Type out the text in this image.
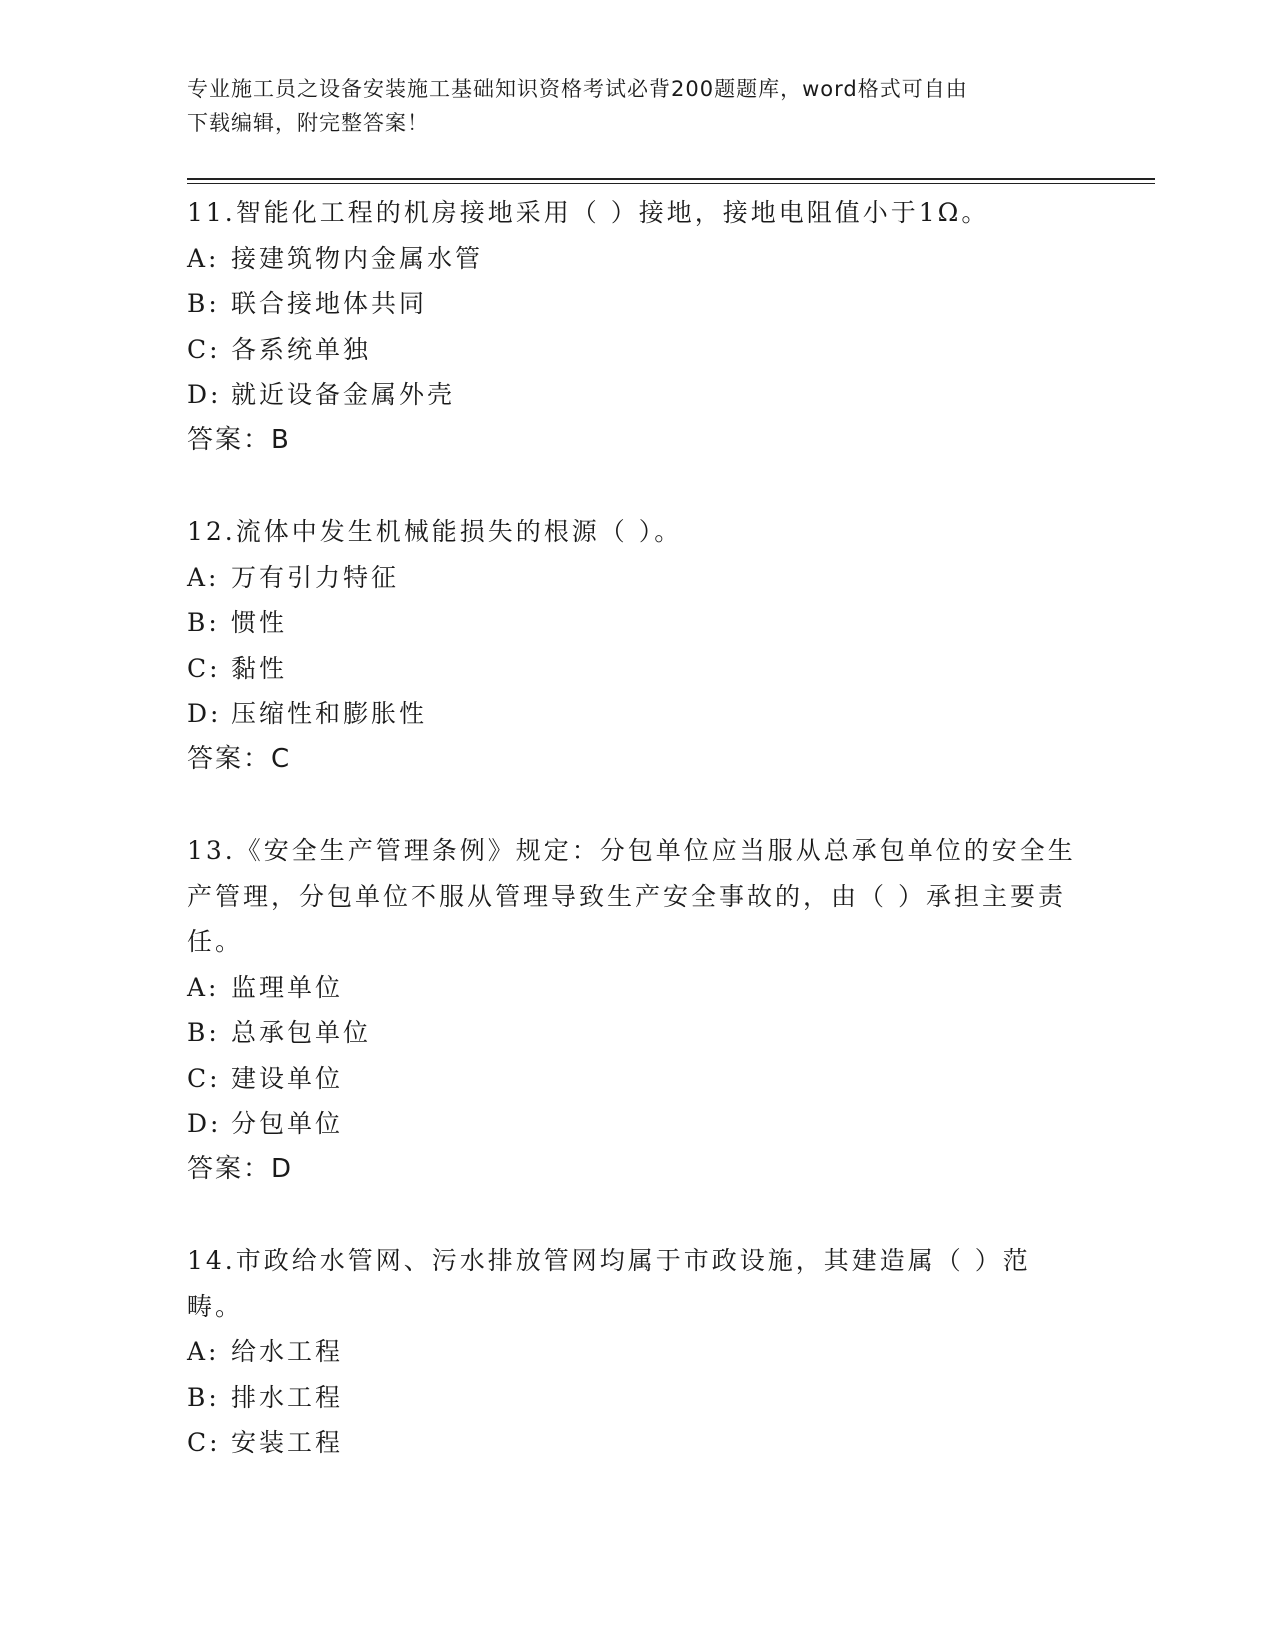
专业施工员之设备安装施工基础知识资格考试必背200题题库，word格式可自由
下载编辑，附完整答案！

11.智能化工程的机房接地采用（ ）接地，接地电阻值小于1Ω。

A: 接建筑物内金属水管

B: 联合接地体共同

C: 各系统单独

D: 就近设备金属外壳

答案：B

12.流体中发生机械能损失的根源（ ）。

A: 万有引力特征

B: 惯性

C: 黏性

D: 压缩性和膨胀性

答案：C

13.《安全生产管理条例》规定：分包单位应当服从总承包单位的安全生产管理，分包单位不服从管理导致生产安全事故的，由（ ）承担主要责任。

A: 监理单位

B: 总承包单位

C: 建设单位

D: 分包单位

答案：D

14.市政给水管网、污水排放管网均属于市政设施，其建造属（ ）范畴。

A: 给水工程

B: 排水工程

C: 安装工程
